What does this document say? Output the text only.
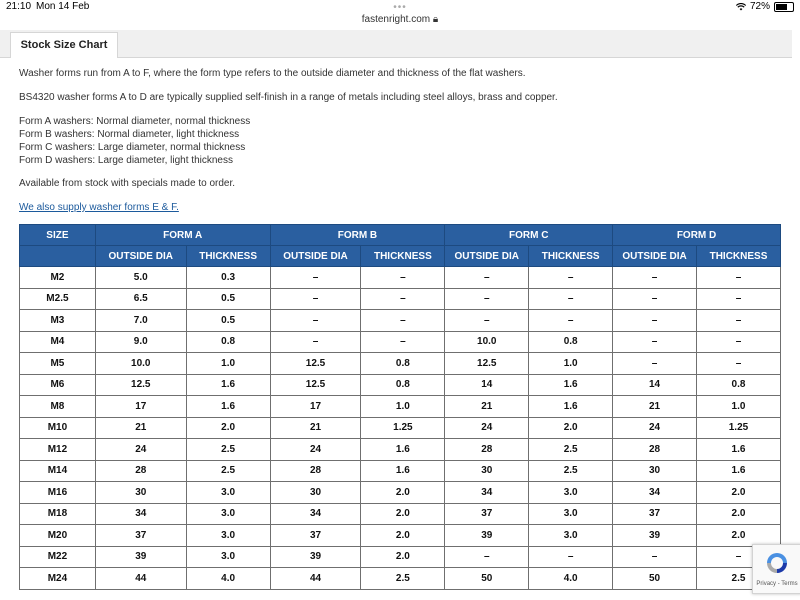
21:10 Mon 14 Feb	72%
•••
fastenright.com 🔒︎
Stock Size Chart

Washer forms run from A to F, where the form type refers to the outside diameter and thickness of the flat washers.

BS4320 washer forms A to D are typically supplied self-finish in a range of metals including steel alloys, brass and copper.

Form A washers: Normal diameter, normal thickness
Form B washers: Normal diameter, light thickness
Form C washers: Large diameter, normal thickness
Form D washers: Large diameter, light thickness

Available from stock with specials made to order.

We also supply washer forms E & F.

SIZE	FORM A		FORM B		FORM C		FORM D	
	OUTSIDE DIA	THICKNESS	OUTSIDE DIA	THICKNESS	OUTSIDE DIA	THICKNESS	OUTSIDE DIA	THICKNESS
M2	5.0	0.3	–	–	–	–	–	–
M2.5	6.5	0.5	–	–	–	–	–	–
M3	7.0	0.5	–	–	–	–	–	–
M4	9.0	0.8	–	–	10.0	0.8	–	–
M5	10.0	1.0	12.5	0.8	12.5	1.0	–	–
M6	12.5	1.6	12.5	0.8	14	1.6	14	0.8
M8	17	1.6	17	1.0	21	1.6	21	1.0
M10	21	2.0	21	1.25	24	2.0	24	1.25
M12	24	2.5	24	1.6	28	2.5	28	1.6
M14	28	2.5	28	1.6	30	2.5	30	1.6
M16	30	3.0	30	2.0	34	3.0	34	2.0
M18	34	3.0	34	2.0	37	3.0	37	2.0
M20	37	3.0	37	2.0	39	3.0	39	2.0
M22	39	3.0	39	2.0	–	–	–	–
M24	44	4.0	44	2.5	50	4.0	50	2.5
Privacy - Terms
